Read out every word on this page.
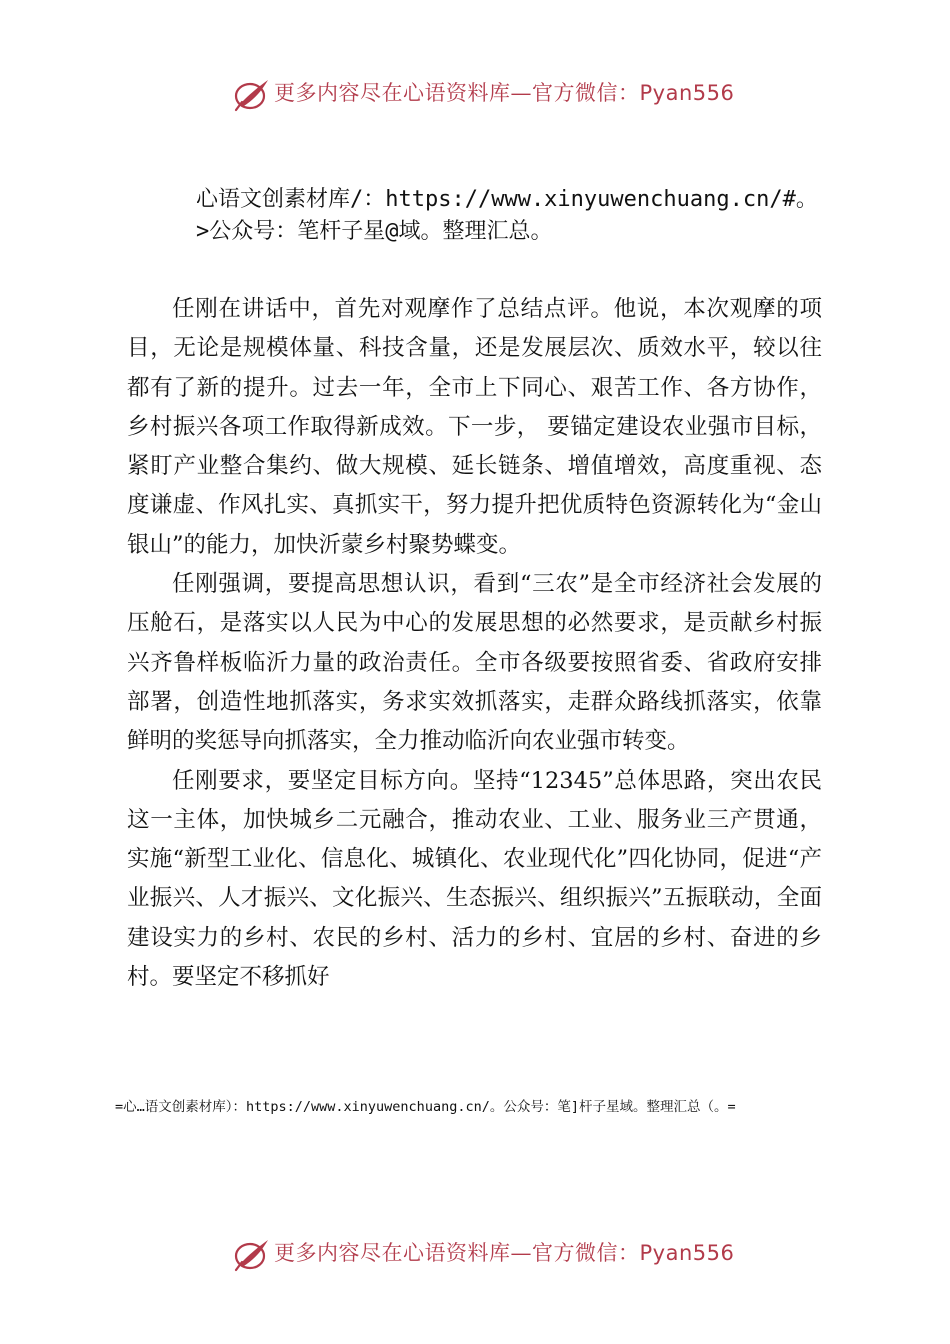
更多内容尽在心语资料库—官方微信：Pyan556
心语文创素材库/：https://www.xinyuwenchuang.cn/#。
>公众号：笔杆子星@域。整理汇总。

任刚在讲话中，首先对观摩作了总结点评。他说，本次观摩的项目，无论是规模体量、科技含量，还是发展层次、质效水平，较以往都有了新的提升。过去一年，全市上下同心、艰苦工作、各方协作，乡村振兴各项工作取得新成效。下一步， 要锚定建设农业强市目标，紧盯产业整合集约、做大规模、延长链条、增值增效，高度重视、态度谦虚、作风扎实、真抓实干，努力提升把优质特色资源转化为“金山银山”的能力，加快沂蒙乡村聚势蝶变。

任刚强调，要提高思想认识，看到“三农”是全市经济社会发展的压舱石，是落实以人民为中心的发展思想的必然要求，是贡献乡村振兴齐鲁样板临沂力量的政治责任。全市各级要按照省委、省政府安排部署，创造性地抓落实，务求实效抓落实，走群众路线抓落实，依靠鲜明的奖惩导向抓落实，全力推动临沂向农业强市转变。

任刚要求，要坚定目标方向。坚持“12345”总体思路，突出农民这一主体，加快城乡二元融合，推动农业、工业、服务业三产贯通，实施“新型工业化、信息化、城镇化、农业现代化”四化协同，促进“产业振兴、人才振兴、文化振兴、生态振兴、组织振兴”五振联动，全面建设实力的乡村、农民的乡村、活力的乡村、宜居的乡村、奋进的乡村。要坚定不移抓好

=心…语文创素材库）：https://www.xinyuwenchuang.cn/。公众号：笔]杆子星域。整理汇总（。=
更多内容尽在心语资料库—官方微信：Pyan556
